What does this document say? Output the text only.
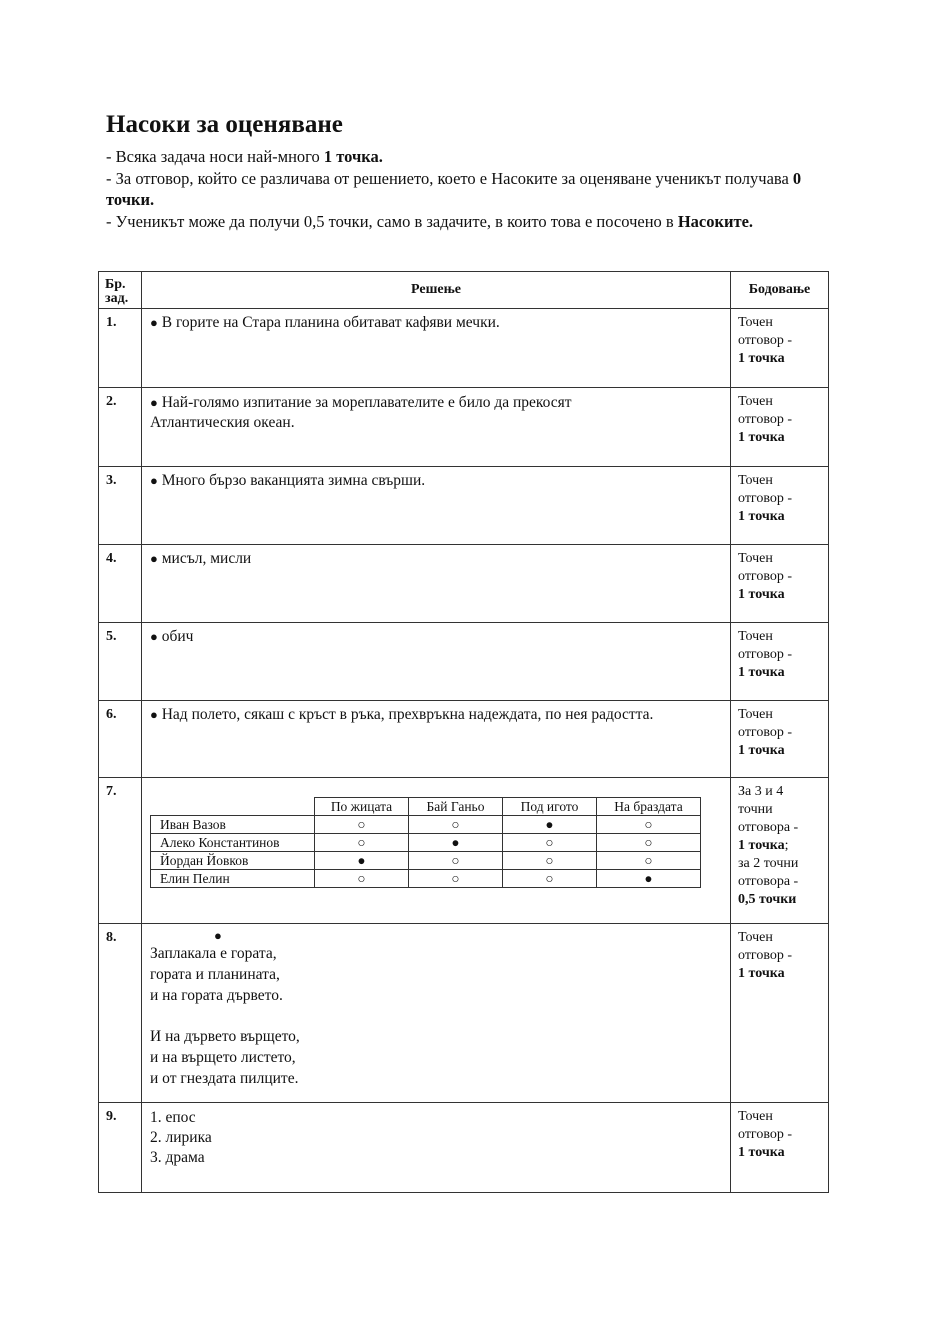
Насоки за оценяване

- Всяка задача носи най-много 1 точка.

- За отговор, който се различава от решението, което е Насоките за оценяване ученикът получава 0 точки.

- Ученикът може да получи 0,5 точки, само в задачите, в които това е посочено в Насоките.

Бр.
зад.	Решење	Бодовање
1.	● В горите на Стара планина обитават кафяви мечки.	Точен
отговор -
1 точка
2.	● Най-голямо изпитание за мореплавателите е било да прекосят Атлантическия океан.	Точен
отговор -
1 точка
3.	● Много бързо ваканцията зимна свърши.	Точен
отговор -
1 точка
4.	● мисъл, мисли	Точен
отговор -
1 точка
5.	● обич	Точен
отговор -
1 точка
6.	● Над полето, сякаш с кръст в ръка, прехвръкна надеждата, по нея радостта.	Точен
отговор -
1 точка
7.	
	По жицата	Бай Ганьо	Под игото	На браздата
Иван Вазов	○	○	●	○
Алеко Константинов	○	●	○	○
Йордан Йовков	●	○	○	○
Елин Пелин	○	○	○	●
	За 3 и 4
точни
отговора -
1 точка;
за 2 точни
отговора -
0,5 точки
8.	●
Заплакала е гората,
гората и планината,
и на гората дървето.
И на дървето върщето,
и на върщето листето,
и от гнездата пилците.
	Точен
отговор -
1 точка
9.	1. епос
2. лирика
3. драма
	Точен
отговор -
1 точка
